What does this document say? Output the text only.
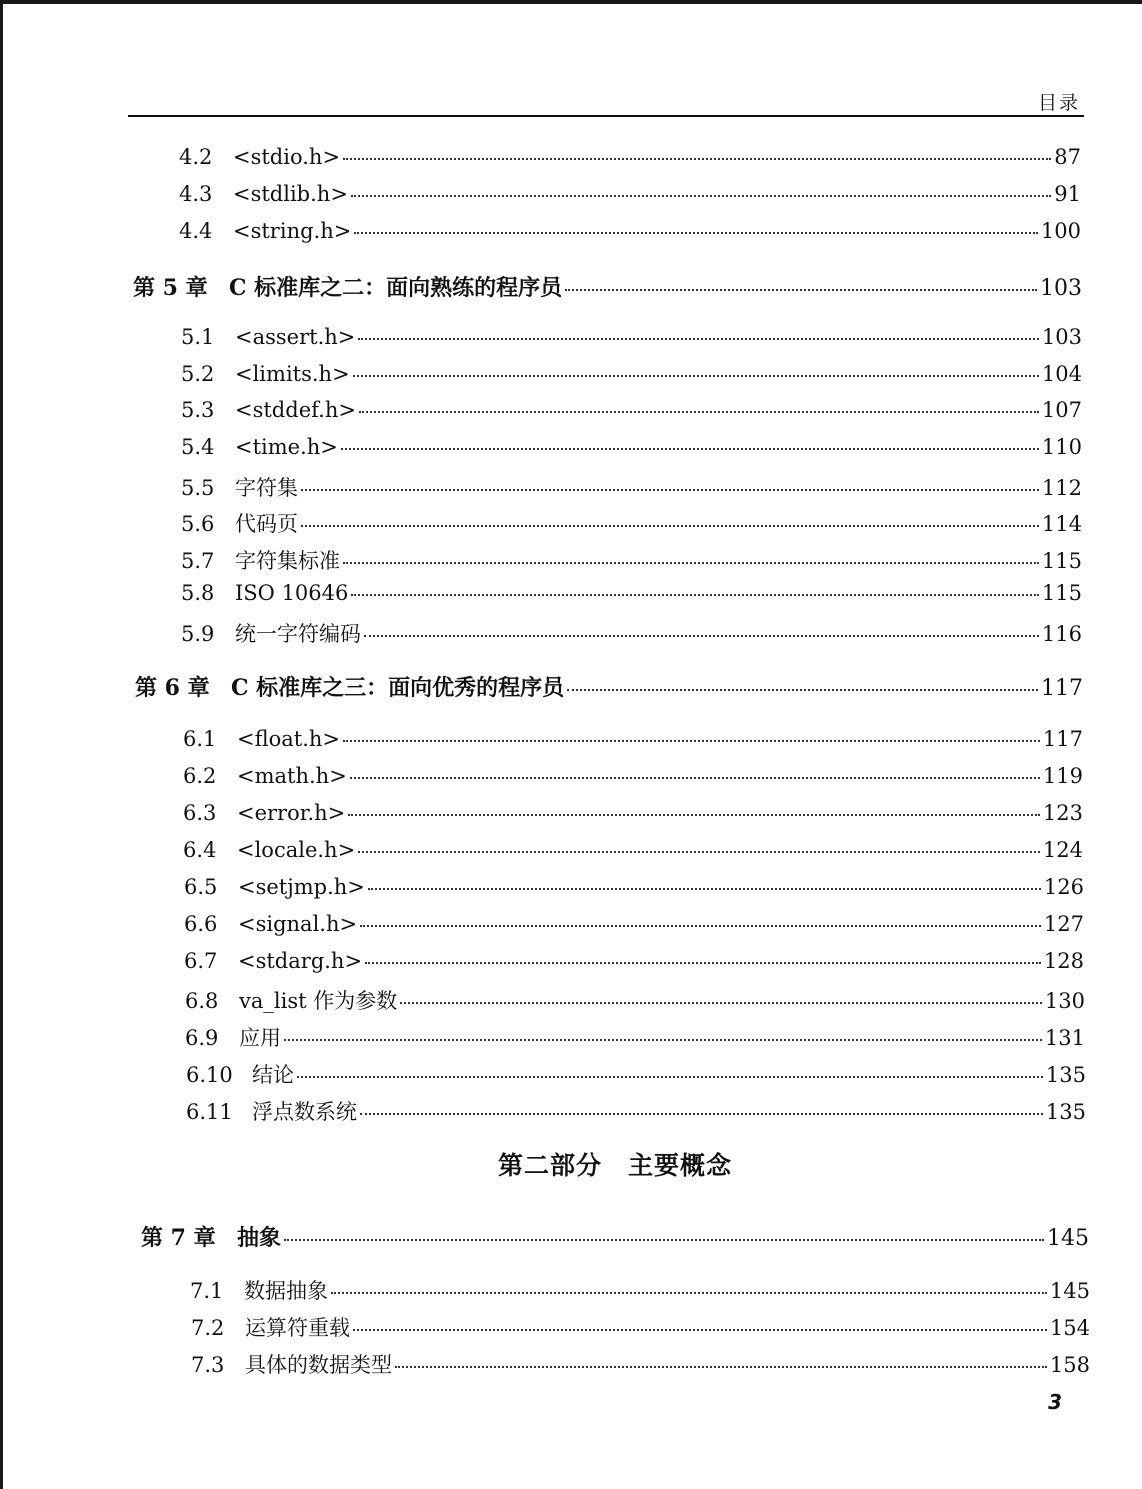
目录
4.2 <stdio.h>	87
4.3 <stdlib.h>	91
4.4 <string.h>	100
第 5 章 C 标准库之二：面向熟练的程序员	103
5.1 <assert.h>	103
5.2 <limits.h>	104
5.3 <stddef.h>	107
5.4 <time.h>	110
5.5 字符集	112
5.6 代码页	114
5.7 字符集标准	115
5.8 ISO 10646	115
5.9 统一字符编码	116
第 6 章 C 标准库之三：面向优秀的程序员	117
6.1 <float.h>	117
6.2 <math.h>	119
6.3 <error.h>	123
6.4 <locale.h>	124
6.5 <setjmp.h>	126
6.6 <signal.h>	127
6.7 <stdarg.h>	128
6.8 va_list 作为参数	130
6.9 应用	131
6.10 结论	135
6.11 浮点数系统	135
第二部分　主要概念
第 7 章 抽象	145
7.1 数据抽象	145
7.2 运算符重载	154
7.3 具体的数据类型	158
3
